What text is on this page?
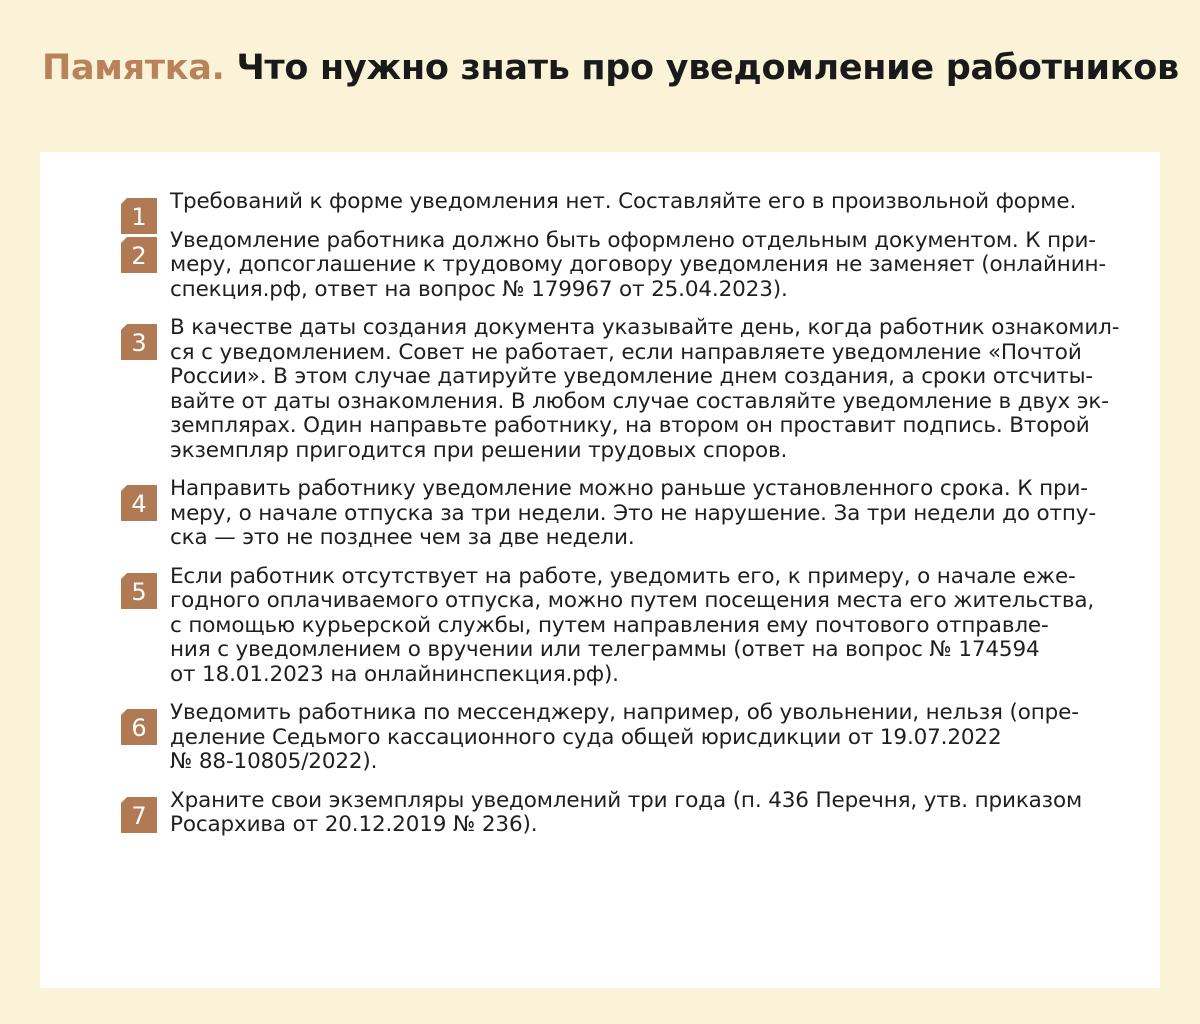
Памятка. Что нужно знать про уведомление работников
1
Требований к форме уведомления нет. Составляйте его в произвольной форме.
2
Уведомление работника должно быть оформлено отдельным документом. К при-
меру, допсоглашение к трудовому договору уведомления не заменяет (онлайнин-
спекция.рф, ответ на вопрос № 179967 от 25.04.2023).
3
В качестве даты создания документа указывайте день, когда работник ознакомил-
ся с уведомлением. Совет не работает, если направляете уведомление «Почтой
России». В этом случае датируйте уведомление днем создания, а сроки отсчиты-
вайте от даты ознакомления. В любом случае составляйте уведомление в двух эк-
земплярах. Один направьте работнику, на втором он проставит подпись. Второй
экземпляр пригодится при решении трудовых споров.
4
Направить работнику уведомление можно раньше установленного срока. К при-
меру, о начале отпуска за три недели. Это не нарушение. За три недели до отпу-
ска — это не позднее чем за две недели.
5
Если работник отсутствует на работе, уведомить его, к примеру, о начале еже-
годного оплачиваемого отпуска, можно путем посещения места его жительства,
с помощью курьерской службы, путем направления ему почтового отправле-
ния с уведомлением о вручении или телеграммы (ответ на вопрос № 174594
от 18.01.2023 на онлайнинспекция.рф).
6
Уведомить работника по мессенджеру, например, об увольнении, нельзя (опре-
деление Седьмого кассационного суда общей юрисдикции от 19.07.2022
№ 88-10805/2022).
7
Храните свои экземпляры уведомлений три года (п. 436 Перечня, утв. приказом
Росархива от 20.12.2019 № 236).
